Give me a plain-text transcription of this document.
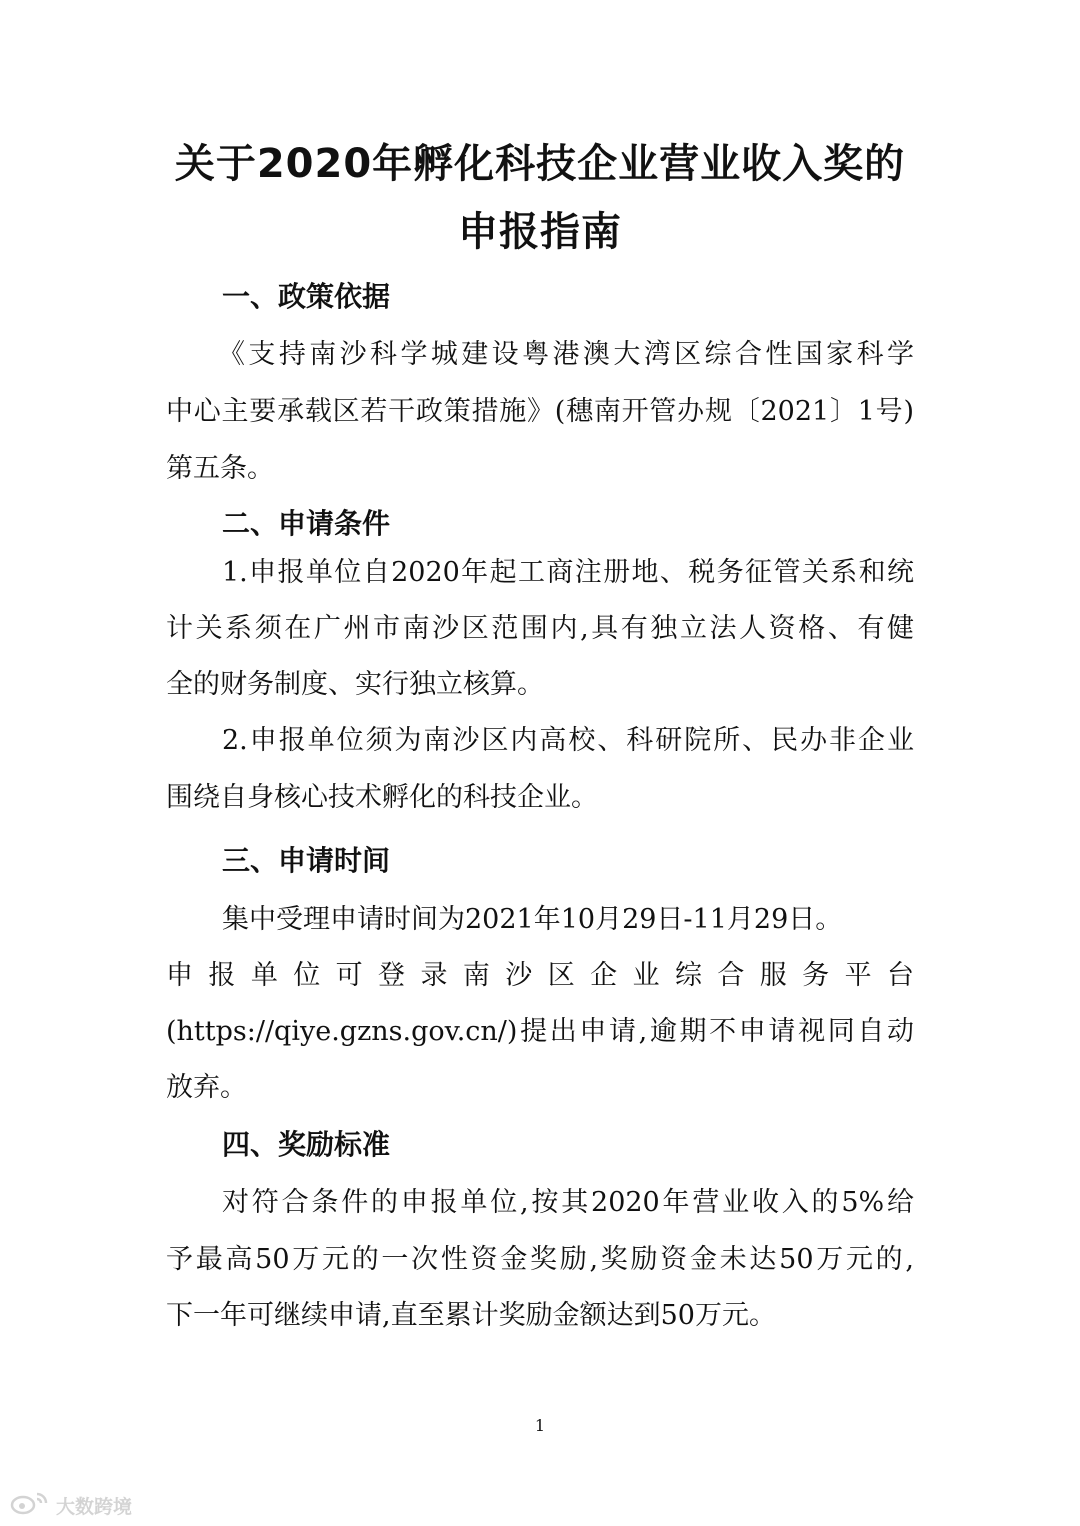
关于2020年孵化科技企业营业收入奖的
申报指南
一、政策依据
《支持南沙科学城建设粤港澳大湾区综合性国家科学
中心主要承载区若干政策措施》(穗南开管办规〔2021〕1号)
第五条。
二、申请条件
1.申报单位自2020年起工商注册地、税务征管关系和统
计关系须在广州市南沙区范围内,具有独立法人资格、有健
全的财务制度、实行独立核算。
2.申报单位须为南沙区内高校、科研院所、民办非企业
围绕自身核心技术孵化的科技企业。
三、申请时间
集中受理申请时间为2021年10月29日-11月29日。
申报单位可登录南沙区企业综合服务平台
(https://qiye.gzns.gov.cn/)提出申请,逾期不申请视同自动
放弃。
四、奖励标准
对符合条件的申报单位,按其2020年营业收入的5%给
予最高50万元的一次性资金奖励,奖励资金未达50万元的,
下一年可继续申请,直至累计奖励金额达到50万元。
1
大数跨境
